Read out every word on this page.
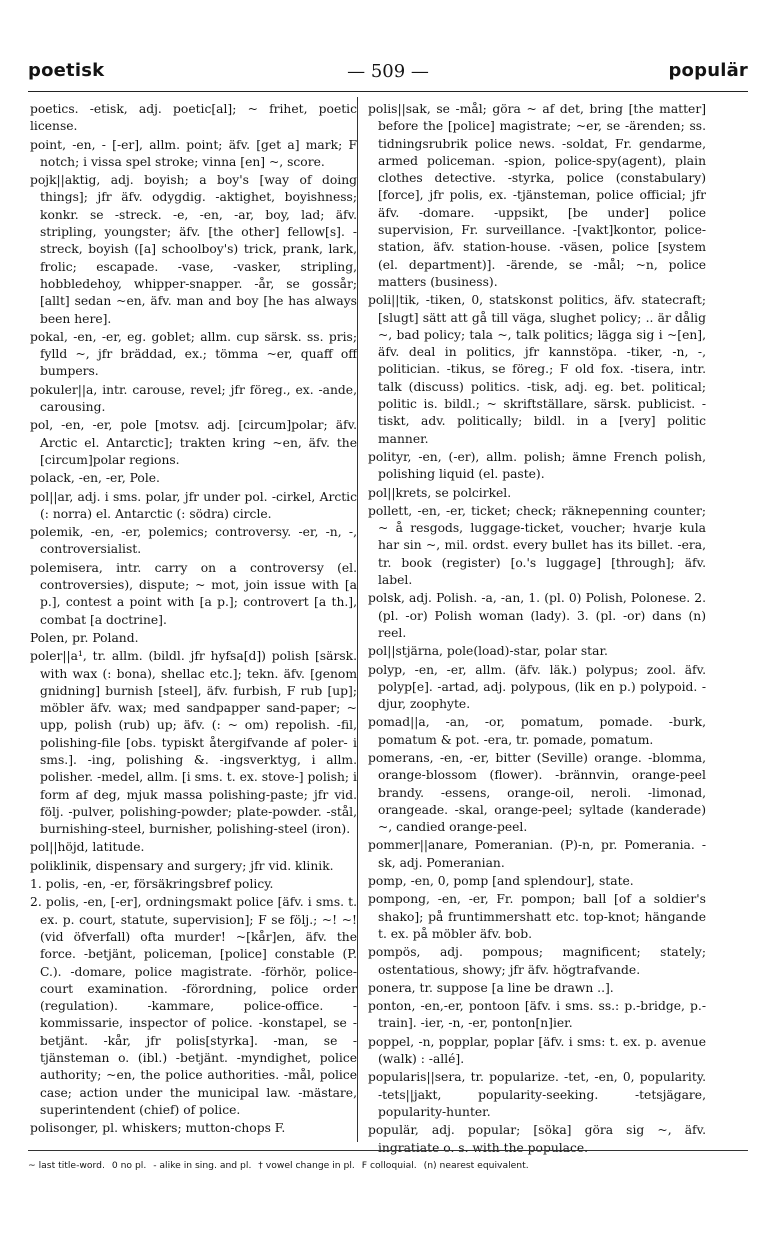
poetisk	— 509 —	populär

poetics. -etisk, adj. poetic[al]; ~ frihet, poetic license.

point, -en, - [-er], allm. point; äfv. [get a] mark; F notch; i vissa spel stroke; vinna [en] ~, score.

pojk||aktig, adj. boyish; a boy's [way of doing things]; jfr äfv. odygdig. -aktighet, boyishness; konkr. se -streck. -e, -en, -ar, boy, lad; äfv. stripling, youngster; äfv. [the other] fellow[s]. -streck, boyish ([a] schoolboy's) trick, prank, lark, frolic; escapade. -vase, -vasker, stripling, hobbledehoy, whipper-snapper. -år, se gossår; [allt] sedan ~en, äfv. man and boy [he has always been here].

pokal, -en, -er, eg. goblet; allm. cup särsk. ss. pris; fylld ~, jfr bräddad, ex.; tömma ~er, quaff off bumpers.

pokuler||a, intr. carouse, revel; jfr föreg., ex. -ande, carousing.

pol, -en, -er, pole [motsv. adj. [circum]polar; äfv. Arctic el. Antarctic]; trakten kring ~en, äfv. the [circum]polar regions.

polack, -en, -er, Pole.

pol||ar, adj. i sms. polar, jfr under pol. -cirkel, Arctic (: norra) el. Antarctic (: södra) circle.

polemik, -en, -er, polemics; controversy. -er, -n, -, controversialist.

polemisera, intr. carry on a controversy (el. controversies), dispute; ~ mot, join issue with [a p.], contest a point with [a p.]; controvert [a th.], combat [a doctrine].

Polen, pr. Poland.

poler||a¹, tr. allm. (bildl. jfr hyfsa[d]) polish [särsk. with wax (: bona), shellac etc.]; tekn. äfv. [genom gnidning] burnish [steel], äfv. furbish, F rub [up]; möbler äfv. wax; med sandpapper sand-paper; ~ upp, polish (rub) up; äfv. (: ~ om) repolish. -fil, polishing-file [obs. typiskt återgifvande af poler- i sms.]. -ing, polishing &. -ingsverktyg, i allm. polisher. -medel, allm. [i sms. t. ex. stove-] polish; i form af deg, mjuk massa polishing-paste; jfr vid. följ. -pulver, polishing-powder; plate-powder. -stål, burnishing-steel, burnisher, polishing-steel (iron).

pol||höjd, latitude.

poliklinik, dispensary and surgery; jfr vid. klinik.

1. polis, -en, -er, försäkringsbref policy.

2. polis, -en, [-er], ordningsmakt police [äfv. i sms. t. ex. p. court, statute, supervision]; F se följ.; ~! ~! (vid öfverfall) ofta murder! ~[kår]en, äfv. the force. -betjänt, policeman, [police] constable (P. C.). -domare, police magistrate. -förhör, police-court examination. -förordning, police order (regulation). -kammare, police-office. -kommissarie, inspector of police. -konstapel, se -betjänt. -kår, jfr polis[styrka]. -man, se -tjänsteman o. (ibl.) -betjänt. -myndighet, police authority; ~en, the police authorities. -mål, police case; action under the municipal law. -mästare, superintendent (chief) of police.

polisonger, pl. whiskers; mutton-chops F.

polis||sak, se -mål; göra ~ af det, bring [the matter] before the [police] magistrate; ~er, se -ärenden; ss. tidningsrubrik police news. -soldat, Fr. gendarme, armed policeman. -spion, police-spy(agent), plain clothes detective. -styrka, police (constabulary) [force], jfr polis, ex. -tjänsteman, police official; jfr äfv. -domare. -uppsikt, [be under] police supervision, Fr. surveillance. -[vakt]kontor, police-station, äfv. station-house. -väsen, police [system (el. department)]. -ärende, se -mål; ~n, police matters (business).

poli||tik, -tiken, 0, statskonst politics, äfv. statecraft; [slugt] sätt att gå till väga, slughet policy; .. är dålig ~, bad policy; tala ~, talk politics; lägga sig i ~[en], äfv. deal in politics, jfr kannstöpa. -tiker, -n, -, politician. -tikus, se föreg.; F old fox. -tisera, intr. talk (discuss) politics. -tisk, adj. eg. bet. political; politic is. bildl.; ~ skriftställare, särsk. publicist. -tiskt, adv. politically; bildl. in a [very] politic manner.

polityr, -en, (-er), allm. polish; ämne French polish, polishing liquid (el. paste).

pol||krets, se polcirkel.

pollett, -en, -er, ticket; check; räknepenning counter; ~ å resgods, luggage-ticket, voucher; hvarje kula har sin ~, mil. ordst. every bullet has its billet. -era, tr. book (register) [o.'s luggage] [through]; äfv. label.

polsk, adj. Polish. -a, -an, 1. (pl. 0) Polish, Polonese. 2. (pl. -or) Polish woman (lady). 3. (pl. -or) dans (n) reel.

pol||stjärna, pole(load)-star, polar star.

polyp, -en, -er, allm. (äfv. läk.) polypus; zool. äfv. polyp[e]. -artad, adj. polypous, (lik en p.) polypoid. -djur, zoophyte.

pomad||a, -an, -or, pomatum, pomade. -burk, pomatum & pot. -era, tr. pomade, pomatum.

pomerans, -en, -er, bitter (Seville) orange. -blomma, orange-blossom (flower). -brännvin, orange-peel brandy. -essens, orange-oil, neroli. -limonad, orangeade. -skal, orange-peel; syltade (kanderade) ~, candied orange-peel.

pommer||anare, Pomeranian. (P)-n, pr. Pomerania. -sk, adj. Pomeranian.

pomp, -en, 0, pomp [and splendour], state.

pompong, -en, -er, Fr. pompon; ball [of a soldier's shako]; på fruntimmershatt etc. top-knot; hängande t. ex. på möbler äfv. bob.

pompös, adj. pompous; magnificent; stately; ostentatious, showy; jfr äfv. högtrafvande.

ponera, tr. suppose [a line be drawn ..].

ponton, -en,-er, pontoon [äfv. i sms. ss.: p.-bridge, p.-train]. -ier, -n, -er, ponton[n]ier.

poppel, -n, popplar, poplar [äfv. i sms: t. ex. p. avenue (walk) : -allé].

popularis||sera, tr. popularize. -tet, -en, 0, popularity. -tets||jakt, popularity-seeking. -tetsjägare, popularity-hunter.

populär, adj. popular; [söka] göra sig ~, äfv. ingratiate o. s. with the populace.

~ last title-word. 0 no pl. - alike in sing. and pl. † vowel change in pl. F colloquial. (n) nearest equivalent.
